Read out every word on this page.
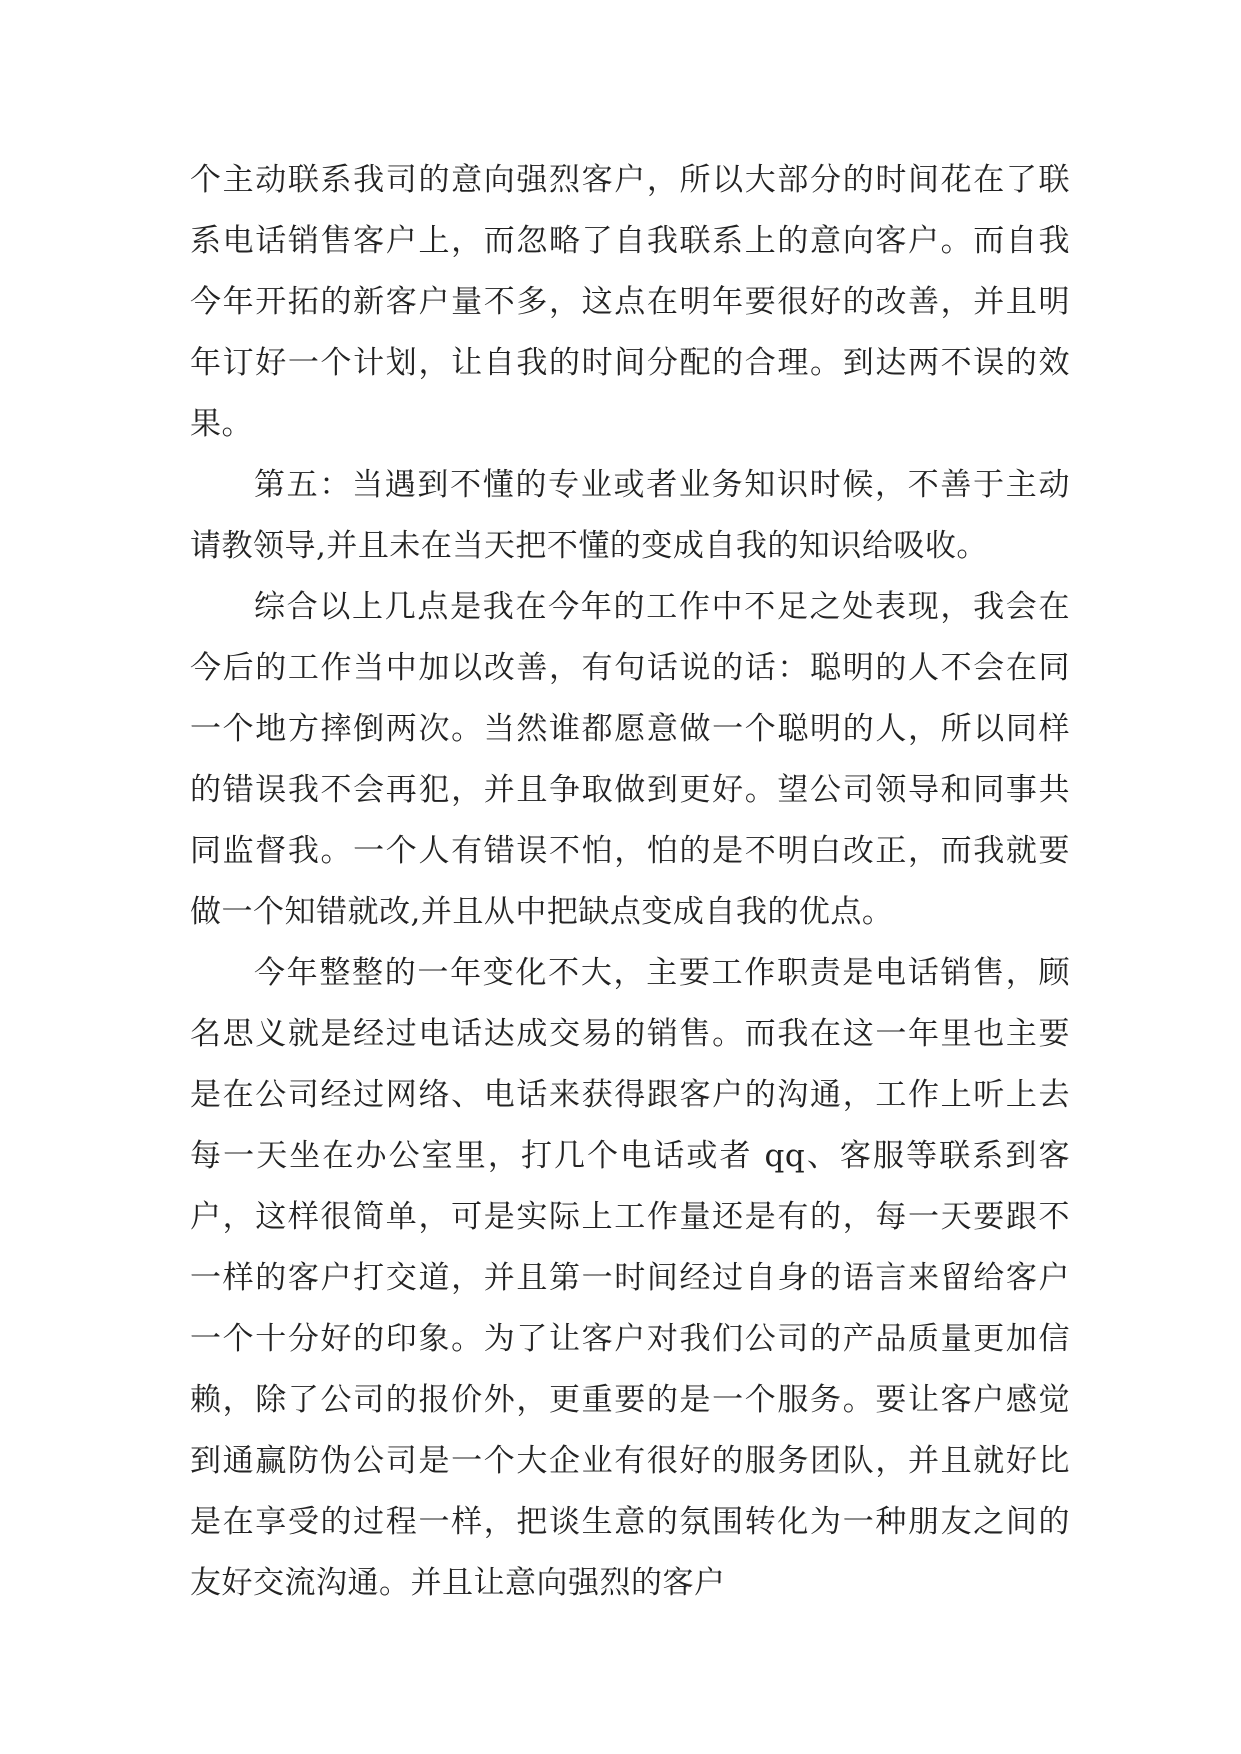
个主动联系我司的意向强烈客户，所以大部分的时间花在了联系电话销售客户上，而忽略了自我联系上的意向客户。而自我今年开拓的新客户量不多，这点在明年要很好的改善，并且明年订好一个计划，让自我的时间分配的合理。到达两不误的效果。

第五：当遇到不懂的专业或者业务知识时候，不善于主动请教领导,并且未在当天把不懂的变成自我的知识给吸收。

综合以上几点是我在今年的工作中不足之处表现，我会在今后的工作当中加以改善，有句话说的话：聪明的人不会在同一个地方摔倒两次。当然谁都愿意做一个聪明的人，所以同样的错误我不会再犯，并且争取做到更好。望公司领导和同事共同监督我。一个人有错误不怕，怕的是不明白改正，而我就要做一个知错就改,并且从中把缺点变成自我的优点。

今年整整的一年变化不大，主要工作职责是电话销售，顾名思义就是经过电话达成交易的销售。而我在这一年里也主要是在公司经过网络、电话来获得跟客户的沟通，工作上听上去每一天坐在办公室里，打几个电话或者 qq、客服等联系到客户，这样很简单，可是实际上工作量还是有的，每一天要跟不一样的客户打交道，并且第一时间经过自身的语言来留给客户一个十分好的印象。为了让客户对我们公司的产品质量更加信赖，除了公司的报价外，更重要的是一个服务。要让客户感觉到通赢防伪公司是一个大企业有很好的服务团队，并且就好比是在享受的过程一样，把谈生意的氛围转化为一种朋友之间的友好交流沟通。并且让意向强烈的客户
